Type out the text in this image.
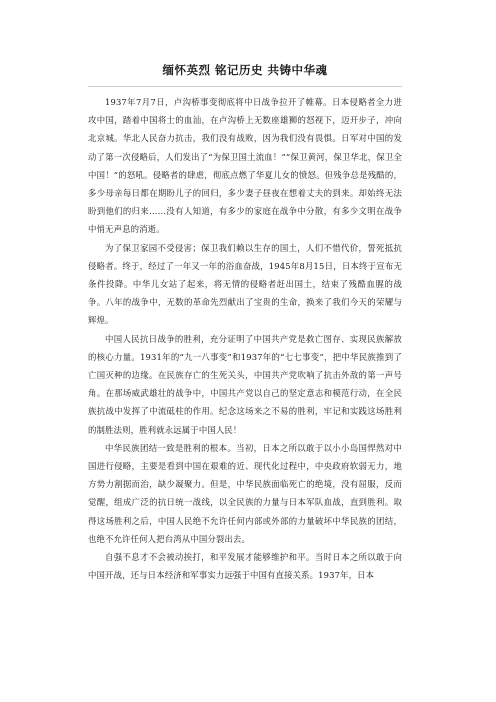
缅怀英烈 铭记历史 共铸中华魂

1937年7月7日，卢沟桥事变彻底将中日战争拉开了帷幕。日本侵略者全力进攻中国，踏着中国将士的血汕，在卢沟桥上无数座雄狮的怒视下，迈开步子，冲向北京城。华北人民奋力抗击，我们没有战败，因为我们没有畏惧。日军对中国的发动了第一次侵略后，人们发出了“为保卫国土流血！”“保卫黄河，保卫华北，保卫全中国！”的怒吼。侵略者的肆虐，彻底点燃了华夏儿女的愤怒。但残争总是残酷的，多少母亲每日都在期盼儿子的回归，多少妻子昼夜在想着丈夫的到来。却始终无法盼到他们的归来……没有人知道，有多少的家庭在战争中分散，有多少文明在战争中悄无声息的消逝。

为了保卫家园不受侵害；保卫我们赖以生存的国土，人们不惜代价，誓死抵抗侵略者。终于，经过了一年又一年的浴血奋战，1945年8月15日，日本终于宣布无条件投降。中华儿女站了起来，将无情的侵略者赶出国土，结束了残酷血腥的战争。八年的战争中，无数的革命先烈献出了宝贵的生命，换来了我们今天的荣耀与辉煌。

中国人民抗日战争的胜利，充分证明了中国共产党是救亡图存、实现民族解放的核心力量。1931年的“九一八事变”和1937年的“七七事变”，把中华民族推到了亡国灭种的边缘。在民族存亡的生死关头，中国共产党吹响了抗击外敌的第一声号角。在那场威武雄壮的战争中，中国共产党以自己的坚定意志和模范行动，在全民族抗战中发挥了中流砥柱的作用。纪念这场来之不易的胜利，牢记和实践这场胜利的制胜法则，胜利就永远属于中国人民！

中华民族团结一致是胜利的根本。当初，日本之所以敢于以小小岛国悍然对中国进行侵略，主要是看到中国在艰难的近、现代化过程中，中央政府软弱无力，地方势力割据而治，缺少凝聚力。但是，中华民族面临死亡的绝境，没有屈服，反而觉醒，组成广泛的抗日统一战线，以全民族的力量与日本军队血战，直到胜利。取得这场胜利之后，中国人民绝不允许任何内部或外部的力量破坏中华民族的团结，也绝不允许任何人把台湾从中国分裂出去。

自强不息才不会被动挨打，和平发展才能够维护和平。当时日本之所以敢于向中国开战，还与日本经济和军事实力远强于中国有直接关系。1937年，日本
